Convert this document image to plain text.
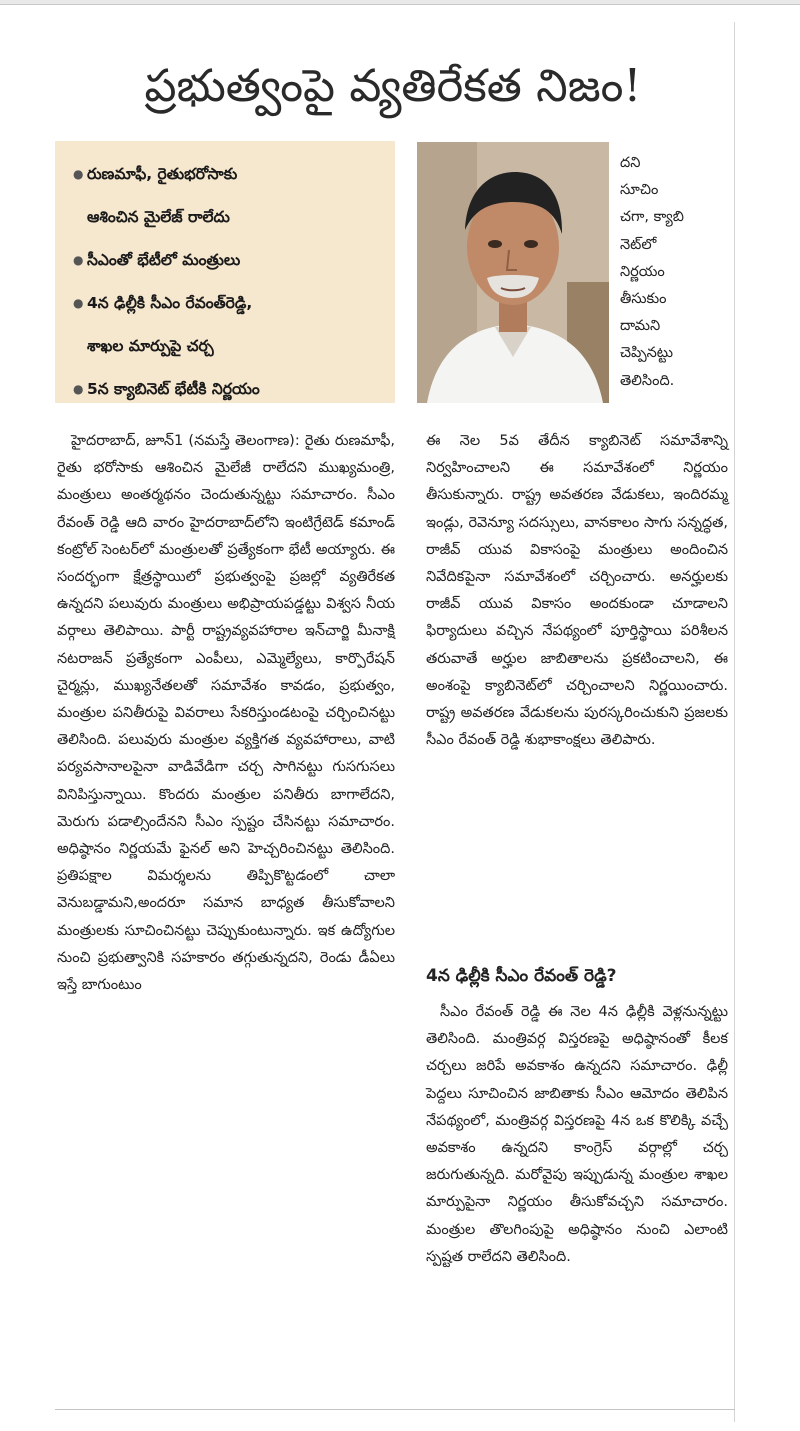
ప్రభుత్వంపై వ్యతిరేకత నిజం!
● రుణమాఫీ, రైతుభరోసాకు
ఆశించిన మైలేజ్ రాలేదు
● సీఎంతో భేటీలో మంత్రులు
● 4న ఢిల్లీకి సీఎం రేవంత్‌రెడ్డి,
శాఖల మార్పుపై చర్చ
● 5న క్యాబినెట్ భేటీకి నిర్ణయం

దని
సూచిం
చగా, క్యాబి
నెట్‌లో
నిర్ణయం
తీసుకుం
దామని
చెప్పినట్టు
తెలిసింది.

హైదరాబాద్, జూన్1 (నమస్తే తెలంగాణ): రైతు రుణమాఫీ, రైతు భరోసాకు ఆశించిన మైలేజీ రాలేదని ముఖ్యమంత్రి, మంత్రులు అంతర్మథనం చెందుతున్నట్టు సమాచారం. సీఎం రేవంత్ రెడ్డి ఆది వారం హైదరాబాద్‌లోని ఇంటిగ్రేటెడ్ కమాండ్ కంట్రోల్ సెంటర్‌లో మంత్రులతో ప్రత్యేకంగా భేటీ అయ్యారు. ఈ సందర్భంగా క్షేత్రస్థాయిలో ప్రభుత్వంపై ప్రజల్లో వ్యతిరేకత ఉన్నదని పలువురు మంత్రులు అభిప్రాయపడ్డట్టు విశ్వస నీయ వర్గాలు తెలిపాయి. పార్టీ రాష్ట్రవ్యవహారాల ఇన్‌చార్జి మీనాక్షి నటరాజన్ ప్రత్యేకంగా ఎంపీలు, ఎమ్మెల్యేలు, కార్పొరేషన్ చైర్మన్లు, ముఖ్యనేతలతో సమావేశం కావడం, ప్రభుత్వం, మంత్రుల పనితీరుపై వివరాలు సేకరిస్తుండటంపై చర్చించినట్టు తెలిసింది. పలువురు మంత్రుల వ్యక్తిగత వ్యవహారాలు, వాటి పర్యవసానాలపైనా వాడివేడిగా చర్చ సాగినట్టు గుసగుసలు వినిపిస్తున్నాయి. కొందరు మంత్రుల పనితీరు బాగాలేదని, మెరుగు పడాల్సిందేనని సీఎం స్పష్టం చేసినట్టు సమాచారం. అధిష్ఠానం నిర్ణయమే ఫైనల్ అని హెచ్చరించినట్టు తెలిసింది. ప్రతిపక్షాల విమర్శలను తిప్పికొట్టడంలో చాలా వెనుబడ్డామని,అందరూ సమాన బాధ్యత తీసుకోవాలని మంత్రులకు సూచించినట్టు చెప్పుకుంటున్నారు. ఇక ఉద్యోగుల నుంచి ప్రభుత్వానికి సహకారం తగ్గుతున్నదని, రెండు డీఏలు ఇస్తే బాగుంటుం

ఈ నెల 5వ తేదీన క్యాబినెట్ సమావేశాన్ని నిర్వహించాలని ఈ సమావేశంలో నిర్ణయం తీసుకున్నారు. రాష్ట్ర అవతరణ వేడుకలు, ఇందిరమ్మ ఇండ్లు, రెవెన్యూ సదస్సులు, వానకాలం సాగు సన్నద్ధత, రాజీవ్ యువ వికాసంపై మంత్రులు అందించిన నివేదికపైనా సమావేశంలో చర్చించారు. అనర్హులకు రాజీవ్ యువ వికాసం అందకుండా చూడాలని ఫిర్యాదులు వచ్చిన నేపథ్యంలో పూర్తిస్థాయి పరిశీలన తరువాతే అర్హుల జాబితాలను ప్రకటించాలని, ఈ అంశంపై క్యాబినెట్‌లో చర్చించాలని నిర్ణయించారు. రాష్ట్ర అవతరణ వేడుకలను పురస్కరించుకుని ప్రజలకు సీఎం రేవంత్ రెడ్డి శుభాకాంక్షలు తెలిపారు.

4న ఢిల్లీకి సీఎం రేవంత్ రెడ్డి?

సీఎం రేవంత్ రెడ్డి ఈ నెల 4న ఢిల్లీకి వెళ్లనున్నట్టు తెలిసింది. మంత్రివర్గ విస్తరణపై అధిష్ఠానంతో కీలక చర్చలు జరిపే అవకాశం ఉన్నదని సమాచారం. ఢిల్లీ పెద్దలు సూచించిన జాబితాకు సీఎం ఆమోదం తెలిపిన నేపథ్యంలో, మంత్రివర్గ విస్తరణపై 4న ఒక కొలిక్కి వచ్చే అవకాశం ఉన్నదని కాంగ్రెస్ వర్గాల్లో చర్చ జరుగుతున్నది. మరోవైపు ఇప్పుడున్న మంత్రుల శాఖల మార్పుపైనా నిర్ణయం తీసుకోవచ్చని సమాచారం. మంత్రుల తొలగింపుపై అధిష్ఠానం నుంచి ఎలాంటి స్పష్టత రాలేదని తెలిసింది.
